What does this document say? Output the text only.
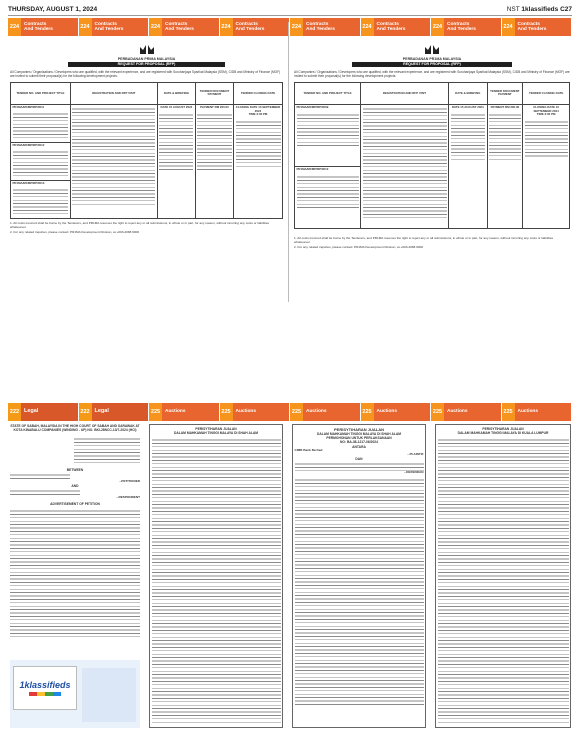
THURSDAY, AUGUST 1, 2024	NST 1klassifieds C27
224	Contracts
And Tenders	224	Contracts
And Tenders	224	Contracts
And Tenders	224	Contracts
And Tenders	224	Contracts
And Tenders	224	Contracts
And Tenders	224	Contracts
And Tenders	224	Contracts
And Tenders
222 Legal	222 Legal	225	Auctions	225	Auctions	225	Auctions	225	Auctions	225	Auctions	225	Auctions
PERBADANAN PRIMA MALAYSIA
REQUEST FOR PROPOSAL (RFP)
All Companies / Organisations / Developers who are qualified, with the relevant experience, and are registered with Suruhanjaya Syarikat Malaysia (SSM), CIDB and Ministry of Finance (MOF) are invited to submit their proposal(s) for the following development projects.
TENDER NO. AND PROJECT TITLE	REGISTRATION AND RFP VISIT	DATE & BRIEFING	TENDER DOCUMENT PAYMENT	TENDER CLOSING DATE
PR1MA/MCMP/RP/0011		DATE 15 AUGUST 2024	PAYMENT RM 200.00	CLOSING DATE 10 SEPTEMBER 2024
TIME 3:00 PM

PR1MA/MCMP/RP/0012				

PR1MA/MCMP/RP/0013				
1. All costs incurred shall be borne by the Tenderers, and PR1MA reserves the right to reject any or all submissions, in whole or in part, for any reason, without incurring any costs or liabilities whatsoever.
2. For any related inquiries, please contact: PR1MA Development Division, at +603-2088 9000
PERBADANAN PR1MA MALAYSIA
REQUEST FOR PROPOSAL (RFP)
All Companies / Organisations / Developers who are qualified, with the relevant experience, and are registered with Suruhanjaya Syarikat Malaysia (SSM), CIDB and Ministry of Finance (MOF) are invited to submit their proposal(s) for the following development projects.
TENDER NO. AND PROJECT TITLE	REGISTRATION AND RFP VISIT	DATE & BRIEFING	TENDER DOCUMENT PAYMENT	TENDER CLOSING DATE
PR1MA/MCMP/RP/0009		DATE 15 AUGUST 2024	PAYMENT RM 200.00	CLOSING DATE 10 SEPTEMBER 2024
TIME 3:00 PM

PR1MA/MCMP/RP/0010				
1. All costs incurred shall be borne by the Tenderers, and PR1MA reserves the right to reject any or all submissions, in whole or in part, for any reason, without incurring any costs or liabilities whatsoever.
2. For any related inquiries, please contact: PR1MA Development Division, at +603-2088 9000
STATE OF SABAH, MALAYSIA IN THE HIGH COURT OF SABAH AND SARAWAK AT KOTA KINABALU COMPANIES (WINDING - UP) NO. BKI-28NCC-13/7-2024 (HCI)
BETWEEN
...PETITIONER
AND
...RESPONDENT
ADVERTISEMENT OF PETITION
1klassifieds
PERISYTIHARAN JUALAN
DALAM MAHKAMAH TINGGI MALAYA DI SHAH ALAM
PERISYTIHARAN JUALAN
DALAM MAHKAMAH TINGGI MALAYA DI SHAH ALAM
PERMOHONAN UNTUK PERLAKSANAAN
NO: BA-38-1217-06/2024
ANTARA
CIMB Bank Berhad
...PLAINTIF
DAN
...DEFENDAN
PERISYTIHARAN JUALAN
DALAM MAHKAMAH TINGGI MALAYA DI KUALA LUMPUR
